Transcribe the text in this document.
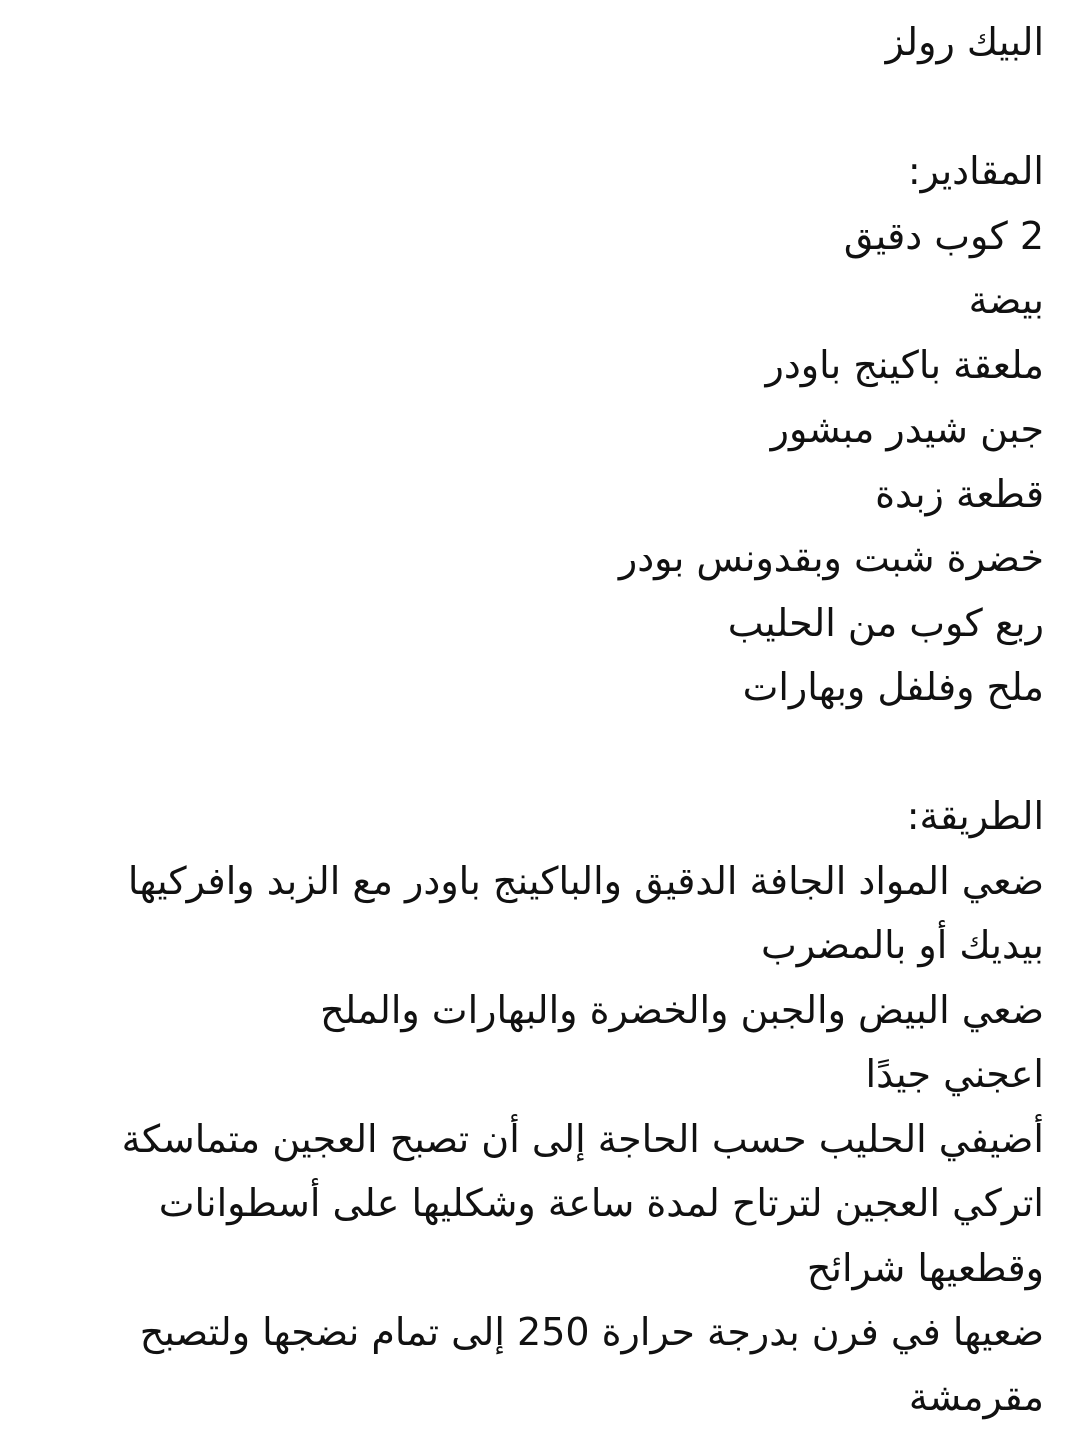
البيك رولز
المقادير:
2 كوب دقيق
بيضة
ملعقة باكينج باودر
جبن شيدر مبشور
قطعة زبدة
خضرة شبت وبقدونس بودر
ربع كوب من الحليب
ملح وفلفل وبهارات
الطريقة:
ضعي المواد الجافة الدقيق والباكينج باودر مع الزبد وافركيها
بيديك أو بالمضرب
ضعي البيض والجبن والخضرة والبهارات والملح
اعجني جيدًا
أضيفي الحليب حسب الحاجة إلى أن تصبح العجين متماسكة
اتركي العجين لترتاح لمدة ساعة وشكليها على أسطوانات
وقطعيها شرائح
ضعيها في فرن بدرجة حرارة 250 إلى تمام نضجها ولتصبح
مقرمشة
